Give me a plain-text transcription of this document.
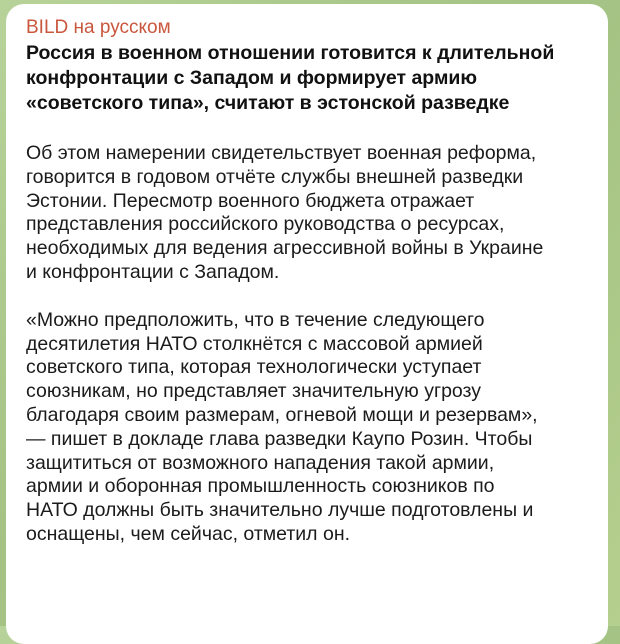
BILD на русском
Россия в военном отношении готовится к длительной
конфронтации с Западом и формирует армию
«советского типа», считают в эстонской разведке
Об этом намерении свидетельствует военная реформа,
говорится в годовом отчёте службы внешней разведки
Эстонии. Пересмотр военного бюджета отражает
представления российского руководства о ресурсах,
необходимых для ведения агрессивной войны в Украине
и конфронтации с Западом.
«Можно предположить, что в течение следующего
десятилетия НАТО столкнётся с массовой армией
советского типа, которая технологически уступает
союзникам, но представляет значительную угрозу
благодаря своим размерам, огневой мощи и резервам»,
— пишет в докладе глава разведки Кaупо Розин. Чтобы
защититься от возможного нападения такой армии,
армии и оборонная промышленность союзников по
НАТО должны быть значительно лучше подготовлены и
оснащены, чем сейчас, отметил он.
